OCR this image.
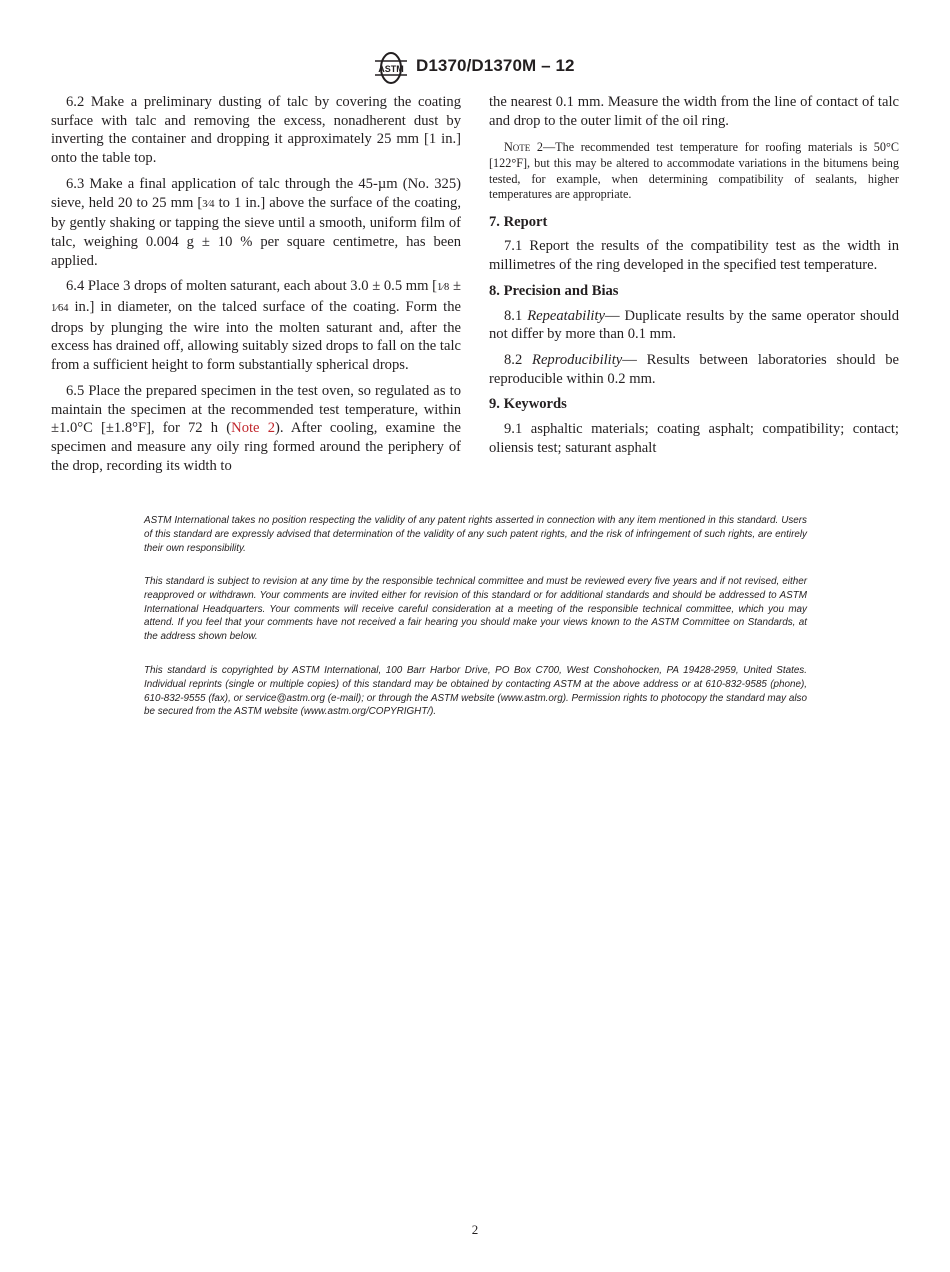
ASTM D1370/D1370M – 12

6.2 Make a preliminary dusting of talc by covering the coating surface with talc and removing the excess, nonadherent dust by inverting the container and dropping it approximately 25 mm [1 in.] onto the table top.

6.3 Make a final application of talc through the 45-µm (No. 325) sieve, held 20 to 25 mm [3⁄4 to 1 in.] above the surface of the coating, by gently shaking or tapping the sieve until a smooth, uniform film of talc, weighing 0.004 g ± 10 % per square centimetre, has been applied.

6.4 Place 3 drops of molten saturant, each about 3.0 ± 0.5 mm [1⁄8 ± 1⁄64 in.] in diameter, on the talced surface of the coating. Form the drops by plunging the wire into the molten saturant and, after the excess has drained off, allowing suitably sized drops to fall on the talc from a sufficient height to form substantially spherical drops.

6.5 Place the prepared specimen in the test oven, so regulated as to maintain the specimen at the recommended test temperature, within ±1.0°C [±1.8°F], for 72 h (Note 2). After cooling, examine the specimen and measure any oily ring formed around the periphery of the drop, recording its width to

the nearest 0.1 mm. Measure the width from the line of contact of talc and drop to the outer limit of the oil ring.

Note 2—The recommended test temperature for roofing materials is 50°C [122°F], but this may be altered to accommodate variations in the bitumens being tested, for example, when determining compatibility of sealants, higher temperatures are appropriate.

7. Report

7.1 Report the results of the compatibility test as the width in millimetres of the ring developed in the specified test temperature.

8. Precision and Bias

8.1 Repeatability— Duplicate results by the same operator should not differ by more than 0.1 mm.

8.2 Reproducibility— Results between laboratories should be reproducible within 0.2 mm.

9. Keywords

9.1 asphaltic materials; coating asphalt; compatibility; contact; oliensis test; saturant asphalt

ASTM International takes no position respecting the validity of any patent rights asserted in connection with any item mentioned in this standard. Users of this standard are expressly advised that determination of the validity of any such patent rights, and the risk of infringement of such rights, are entirely their own responsibility.

This standard is subject to revision at any time by the responsible technical committee and must be reviewed every five years and if not revised, either reapproved or withdrawn. Your comments are invited either for revision of this standard or for additional standards and should be addressed to ASTM International Headquarters. Your comments will receive careful consideration at a meeting of the responsible technical committee, which you may attend. If you feel that your comments have not received a fair hearing you should make your views known to the ASTM Committee on Standards, at the address shown below.

This standard is copyrighted by ASTM International, 100 Barr Harbor Drive, PO Box C700, West Conshohocken, PA 19428-2959, United States. Individual reprints (single or multiple copies) of this standard may be obtained by contacting ASTM at the above address or at 610-832-9585 (phone), 610-832-9555 (fax), or service@astm.org (e-mail); or through the ASTM website (www.astm.org). Permission rights to photocopy the standard may also be secured from the ASTM website (www.astm.org/COPYRIGHT/).

2
